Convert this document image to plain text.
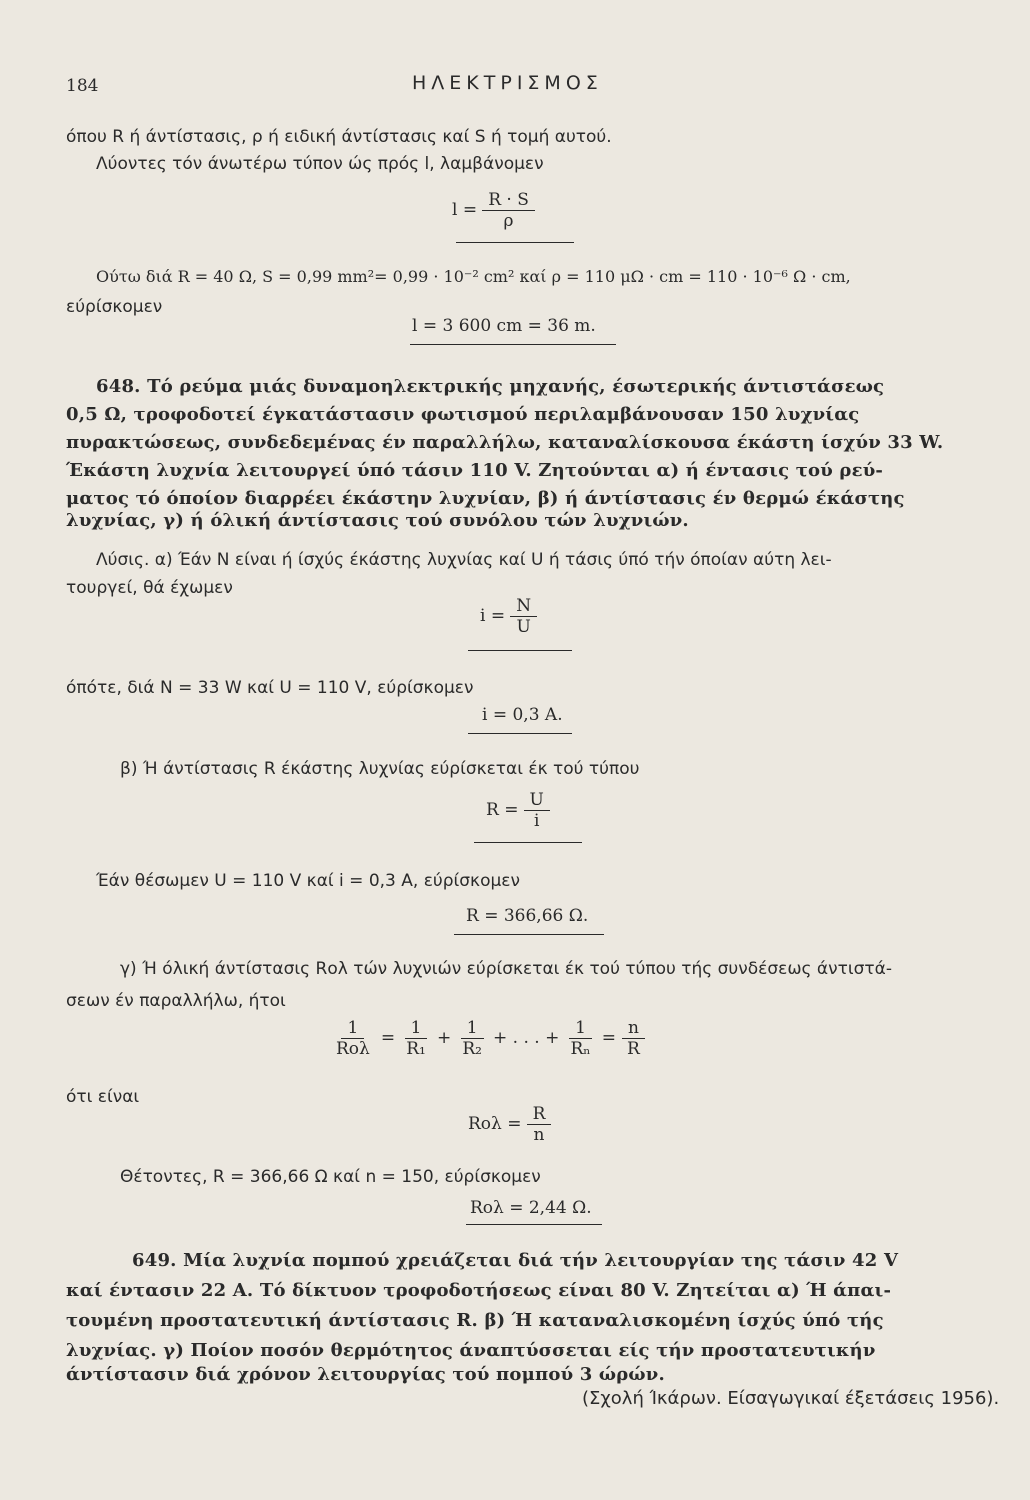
184	ΗΛΕΚΤΡΙΣΜΟΣ
όπου R ή άντίστασις, ρ ή ειδική άντίστασις καί S ή τομή αυτού.
Λύοντες τόν άνωτέρω τύπον ώς πρός l, λαμβάνομεν
$l = \frac{R \cdot S}{\rho}$
Ούτω διά R = 40 Ω, S = 0,99 mm²= 0,99 · 10⁻² cm² καί ρ = 110 μΩ · cm = 110 · 10⁻⁶ Ω · cm,
εύρίσκομεν
l = 3 600 cm = 36 m.
648. Τό ρεύμα μιάς δυναμοηλεκτρικής μηχανής, έσωτερικής άντιστάσεως
0,5 Ω, τροφοδοτεί έγκατάστασιν φωτισμού περιλαμβάνουσαν 150 λυχνίας
πυρακτώσεως, συνδεδεμένας έν παραλλήλω, καταναλίσκουσα έκάστη ίσχύν 33 W.
Έκάστη λυχνία λειτουργεί ύπό τάσιν 110 V. Ζητούνται α) ή έντασις τού ρεύ-
ματος τό όποίον διαρρέει έκάστην λυχνίαν, β) ή άντίστασις έν θερμώ έκάστης
λυχνίας, γ) ή όλική άντίστασις τού συνόλου τών λυχνιών.
Λύσις. α) Έάν N είναι ή ίσχύς έκάστης λυχνίας καί U ή τάσις ύπό τήν όποίαν αύτη λει-
τουργεί, θά έχωμεν
$i = \frac{N}{U}$
όπότε, διά N = 33 W καί U = 110 V, εύρίσκομεν
i = 0,3 A.
β) Ή άντίστασις R έκάστης λυχνίας εύρίσκεται έκ τού τύπου
$R = \frac{U}{i}$
Έάν θέσωμεν U = 110 V καί i = 0,3 A, εύρίσκομεν
R = 366,66 Ω.
γ) Ή όλική άντίστασις Rολ τών λυχνιών εύρίσκεται έκ τού τύπου τής συνδέσεως άντιστά-
σεων έν παραλλήλω, ήτοι
$\frac{1}{\text{Rολ}} = \frac{1}{\text{R₁}} + \frac{1}{\text{R₂}}$ + . . . + $\frac{1}{\text{Rₙ}} = \frac{n}{R}$
ότι είναι
$Ro\lambda = \frac{R}{n}$
Θέτοντες, R = 366,66 Ω καί n = 150, εύρίσκομεν
Rολ = 2,44 Ω.
649. Μία λυχνία πομπού χρειάζεται διά τήν λειτουργίαν της τάσιν 42 V
καί έντασιν 22 A. Τό δίκτυον τροφοδοτήσεως είναι 80 V. Ζητείται α) Ή άπαι-
τουμένη προστατευτική άντίστασις R. β) Ή καταναλισκομένη ίσχύς ύπό τής
λυχνίας. γ) Ποίον ποσόν θερμότητος άναπτύσσεται είς τήν προστατευτικήν
άντίστασιν διά χρόνον λειτουργίας τού πομπού 3 ώρών.
(Σχολή Ίκάρων. Είσαγωγικαί έξετάσεις 1956).
